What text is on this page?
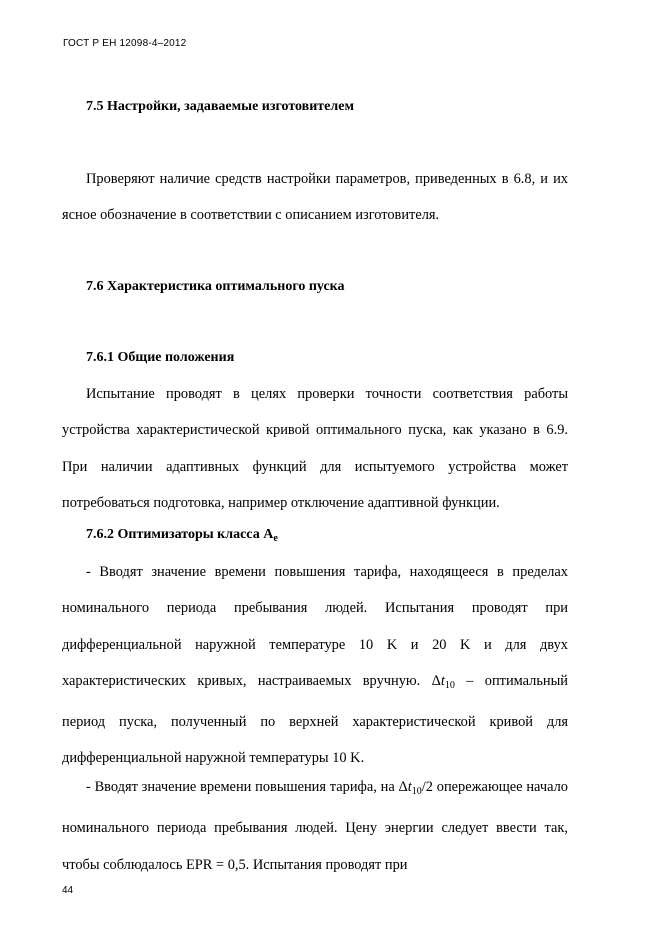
ГОСТ Р ЕН 12098-4–2012

7.5 Настройки, задаваемые изготовителем

Проверяют наличие средств настройки параметров, приведенных в 6.8, и их ясное обозначение в соответствии с описанием изготовителя.

7.6 Характеристика оптимального пуска

7.6.1 Общие положения

Испытание проводят в целях проверки точности соответствия работы устройства характеристической кривой оптимального пуска, как указано в 6.9. При наличии адаптивных функций для испытуемого устройства может потребоваться подготовка, например отключение адаптивной функции.

7.6.2 Оптимизаторы класса $A_e$

- Вводят значение времени повышения тарифа, находящееся в пределах номинального периода пребывания людей. Испытания проводят при дифференциальной наружной температуре 10 K и 20 K и для двух характеристических кривых, настраиваемых вручную. $\Delta t_{10}$ – оптимальный период пуска, полученный по верхней характеристической кривой для дифференциальной наружной температуры 10 K.

- Вводят значение времени повышения тарифа, на $\Delta t_{10}/2$ опережающее начало номинального периода пребывания людей. Цену энергии следует ввести так, чтобы соблюдалось EPR = 0,5. Испытания проводят при

44
